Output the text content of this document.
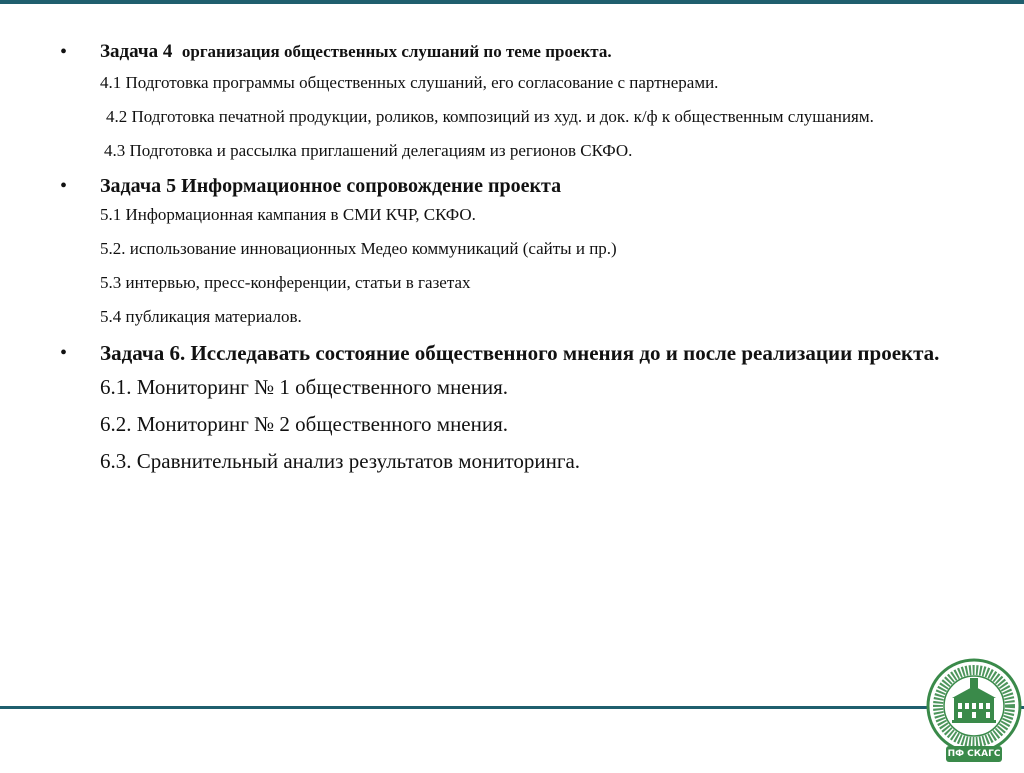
• Задача 4 организация общественных слушаний по теме проекта.
4.1 Подготовка программы общественных слушаний, его согласование с партнерами.
4.2 Подготовка печатной продукции, роликов, композиций из худ. и док. к/ф к общественным слушаниям.
4.3 Подготовка и рассылка приглашений делегациям из регионов СКФО.
• Задача 5 Информационное сопровождение проекта
5.1 Информационная кампания в СМИ КЧР, СКФО.
5.2. использование инновационных Медео коммуникаций (сайты и пр.)
5.3 интервью, пресс-конференции, статьи в газетах
5.4 публикация материалов.
• Задача 6. Исследавать состояние общественного мнения до и после реализации проекта.
6.1. Мониторинг № 1 общественного мнения.
6.2. Мониторинг № 2 общественного мнения.
6.3. Сравнительный анализ результатов мониторинга.
ПФ СКАГС
